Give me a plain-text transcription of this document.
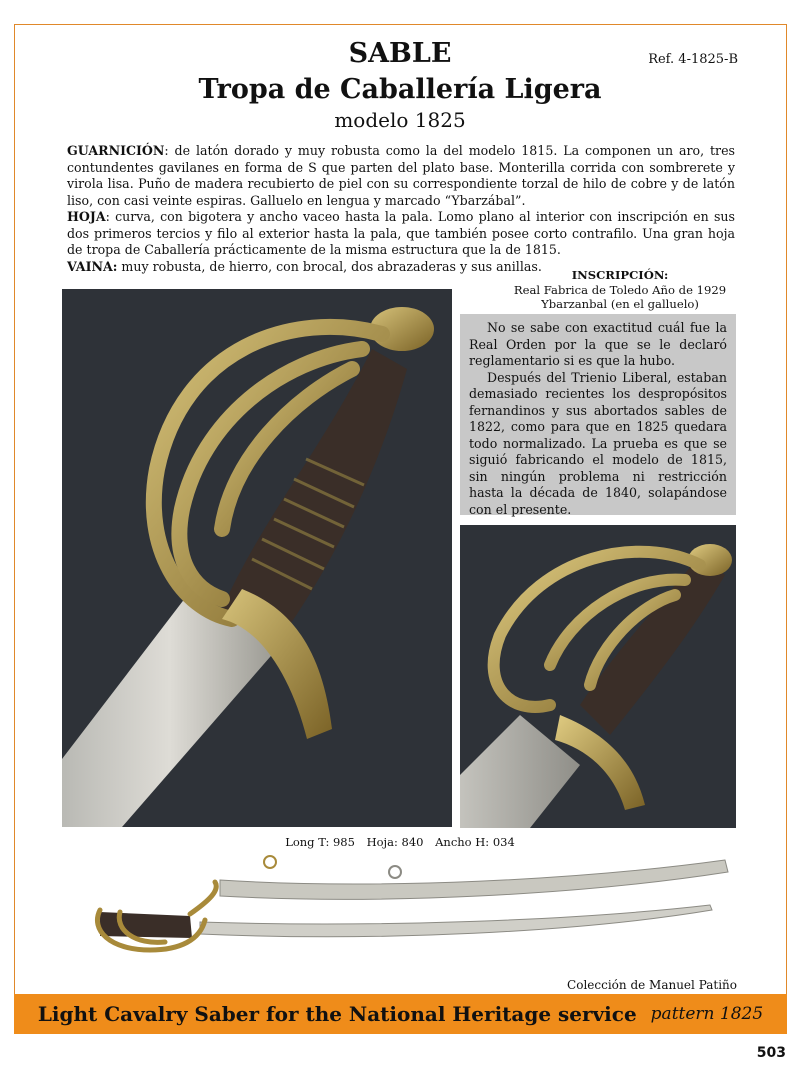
SABLE
Tropa de Caballería Ligera
modelo 1825
Ref. 4-1825-B

GUARNICIÓN: de latón dorado y muy robusta como la del modelo 1815. La componen un aro, tres contundentes gavilanes en forma de S que parten del plato base. Monterilla corrida con sombrerete y virola lisa. Puño de madera recubierto de piel con su correspondiente torzal de hilo de cobre y de latón liso, con casi veinte espiras. Galluelo en lengua y marcado “Ybarzábal”.

HOJA: curva, con bigotera y ancho vaceo hasta la pala. Lomo plano al interior con inscripción en sus dos primeros tercios y filo al exterior hasta la pala, que también posee corto contrafilo. Una gran hoja de tropa de Caballería prácticamente de la misma estructura que la de 1815.

VAINA: muy robusta, de hierro, con brocal, dos abrazaderas y sus anillas.

INSCRIPCIÓN:
Real Fabrica de Toledo Año de 1929
Ybarzanbal (en el galluelo)

No se sabe con exactitud cuál fue la Real Orden por la que se le declaró reglamentario si es que la hubo.

Después del Trienio Liberal, estaban demasiado recientes los despropósitos fernandinos y sus abortados sables de 1822, como para que en 1825 quedara todo normalizado. La prueba es que se siguió fabricando el modelo de 1815, sin ningún problema ni restricción hasta la década de 1840, solapándose con el presente.

Long T: 985 Hoja: 840 Ancho H: 034
Colección de Manuel Patiño
Light Cavalry Saber for the National Heritage service pattern 1825
503
